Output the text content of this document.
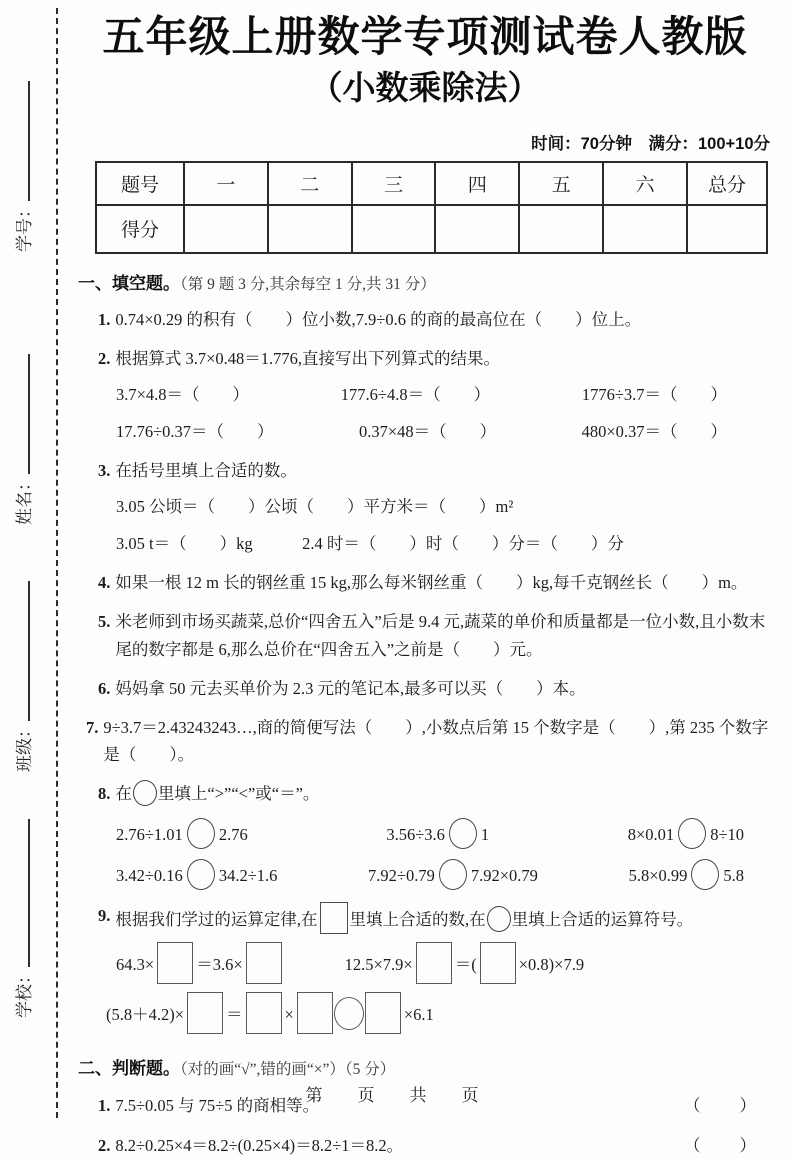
学号：
姓名：
班级：
学校：
五年级上册数学专项测试卷人教版
（小数乘除法）
时间：70分钟　满分：100+10分
题号	一	二	三	四	五	六	总分
得分							
一、填空题。（第 9 题 3 分,其余每空 1 分,共 31 分）
1. 0.74×0.29 的积有（　　）位小数,7.9÷0.6 的商的最高位在（　　）位上。
2. 根据算式 3.7×0.48＝1.776,直接写出下列算式的结果。
3.7×4.8＝（　　）	177.6÷4.8＝（　　）	1776÷3.7＝（　　）
17.76÷0.37＝（　　）	0.37×48＝（　　）	480×0.37＝（　　）
3. 在括号里填上合适的数。
3.05 公顷＝（　　）公顷（　　）平方米＝（　　）m²
3.05 t＝（　　）kg　　　2.4 时＝（　　）时（　　）分＝（　　）分
4. 如果一根 12 m 长的钢丝重 15 kg,那么每米钢丝重（　　）kg,每千克钢丝长（　　）m。
5. 米老师到市场买蔬菜,总价“四舍五入”后是 9.4 元,蔬菜的单价和质量都是一位小数,且小数末尾的数字都是 6,那么总价在“四舍五入”之前是（　　）元。
6. 妈妈拿 50 元去买单价为 2.3 元的笔记本,最多可以买（　　）本。
7. 9÷3.7＝2.43243243…,商的简便写法（　　）,小数点后第 15 个数字是（　　）,第 235 个数字是（　　）。
8. 在 里填上“>”“<”或“＝”。
2.76÷1.01 2.76	3.56÷3.6 1	8×0.01 8÷10
3.42÷0.16 34.2÷1.6	7.92÷0.79 7.92×0.79	5.8×0.99 5.8
9. 根据我们学过的运算定律,在 里填上合适的数,在 里填上合适的运算符号。
64.3×	＝3.6×	12.5×7.9×	＝(	×0.8)×7.9
(5.8＋4.2)×	＝	×	×6.1
二、判断题。（对的画“√”,错的画“×”）（5 分）
1. 7.5÷0.05 与 75÷5 的商相等。	（　　）
2. 8.2÷0.25×4＝8.2÷(0.25×4)＝8.2÷1＝8.2。	（　　）
第　页　共　页
